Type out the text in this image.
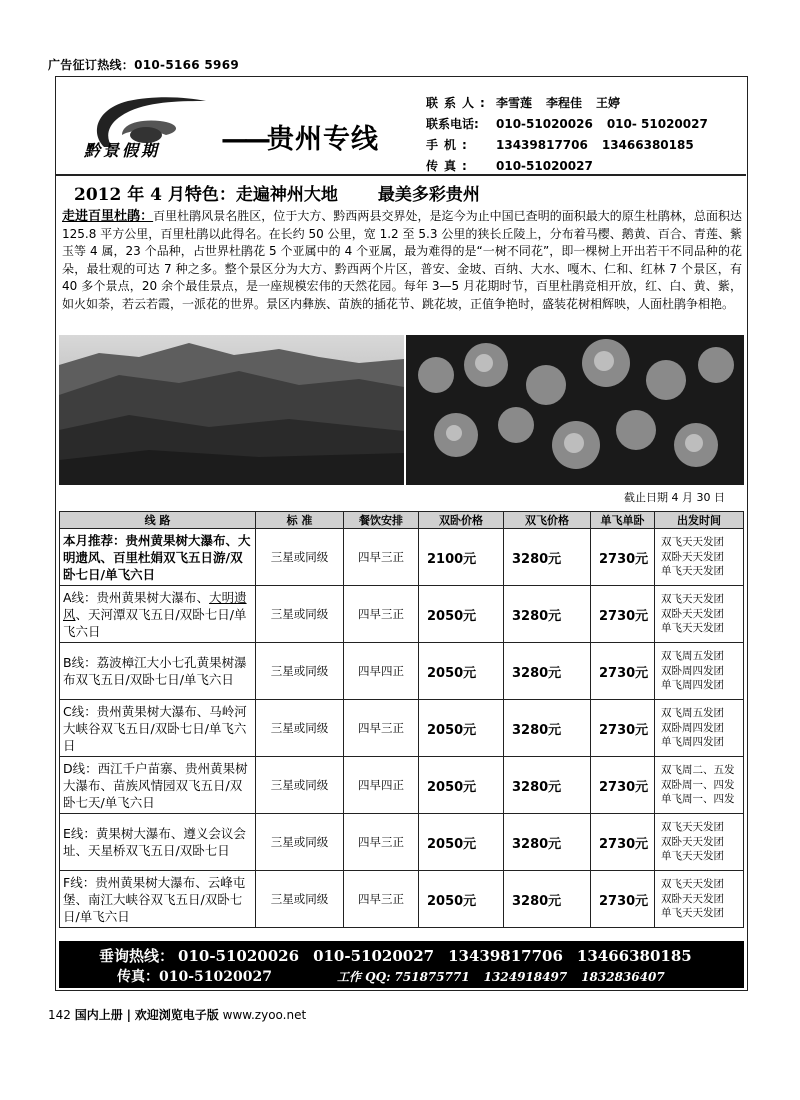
广告征订热线：010-5166 5969
黔景假期 ——贵州专线
联系人: 李雪莲 李程佳 王婷
联系电话:	010-51020026 010- 51020027
手机:	13439817706 13466380185
传真:	010-51020027
2012 年 4 月特色：走遍神州大地 最美多彩贵州
走进百里杜鹃：百里杜鹃风景名胜区，位于大方、黔西两县交界处，是迄今为止中国已查明的面积最大的原生杜鹃林，总面积达 125.8 平方公里，百里杜鹃以此得名。在长约 50 公里，宽 1.2 至 5.3 公里的狭长丘陵上，分布着马樱、鹅黄、百合、青莲、紫玉等 4 属，23 个品种，占世界杜鹃花 5 个亚属中的 4 个亚属，最为难得的是“一树不同花”，即一棵树上开出若干不同品种的花朵，最壮观的可达 7 种之多。整个景区分为大方、黔西两个片区，普安、金坡、百纳、大水、嘎木、仁和、红林 7 个景区，有 40 多个景点，20 余个最佳景点，是一座规模宏伟的天然花园。每年 3—5 月花期时节，百里杜鹃竞相开放，红、白、黄、紫，如火如荼，若云若霞，一派花的世界。景区内彝族、苗族的插花节、跳花坡，正值争艳时，盛装花树相辉映，人面杜鹃争相艳。
截止日期 4 月 30 日
线 路	标 准	餐饮安排	双卧价格	双飞价格	单飞单卧	出发时间
本月推荐：贵州黄果树大瀑布、大明遗风、百里杜娟双飞五日游/双卧七日/单飞六日	三星或同级	四早三正	2100元	3280元	2730元	双飞天天发团
双卧天天发团
单飞天天发团

A线：贵州黄果树大瀑布、大明遗风、天河潭双飞五日/双卧七日/单飞六日	三星或同级	四早三正	2050元	3280元	2730元	双飞天天发团
双卧天天发团
单飞天天发团

B线：荔波樟江大小七孔黄果树瀑布双飞五日/双卧七日/单飞六日	三星或同级	四早四正	2050元	3280元	2730元	双飞周五发团
双卧周四发团
单飞周四发团

C线：贵州黄果树大瀑布、马岭河大峡谷双飞五日/双卧七日/单飞六日	三星或同级	四早三正	2050元	3280元	2730元	双飞周五发团
双卧周四发团
单飞周四发团

D线：西江千户苗寨、贵州黄果树大瀑布、苗族风情园双飞五日/双卧七天/单飞六日	三星或同级	四早四正	2050元	3280元	2730元	双飞周二、五发
双卧周一、四发
单飞周一、四发

E线：黄果树大瀑布、遵义会议会址、天星桥双飞五日/双卧七日	三星或同级	四早三正	2050元	3280元	2730元	双飞天天发团
双卧天天发团
单飞天天发团

F线：贵州黄果树大瀑布、云峰屯堡、南江大峡谷双飞五日/双卧七日/单飞六日	三星或同级	四早三正	2050元	3280元	2730元	双飞天天发团
双卧天天发团
单飞天天发团
垂询热线： 010-51020026 010-51020027 13439817706 13466380185
传真：010-51020027	工作 QQ: 751875771 1324918497 1832836407
142 国内上册 | 欢迎浏览电子版 www.zyoo.net
